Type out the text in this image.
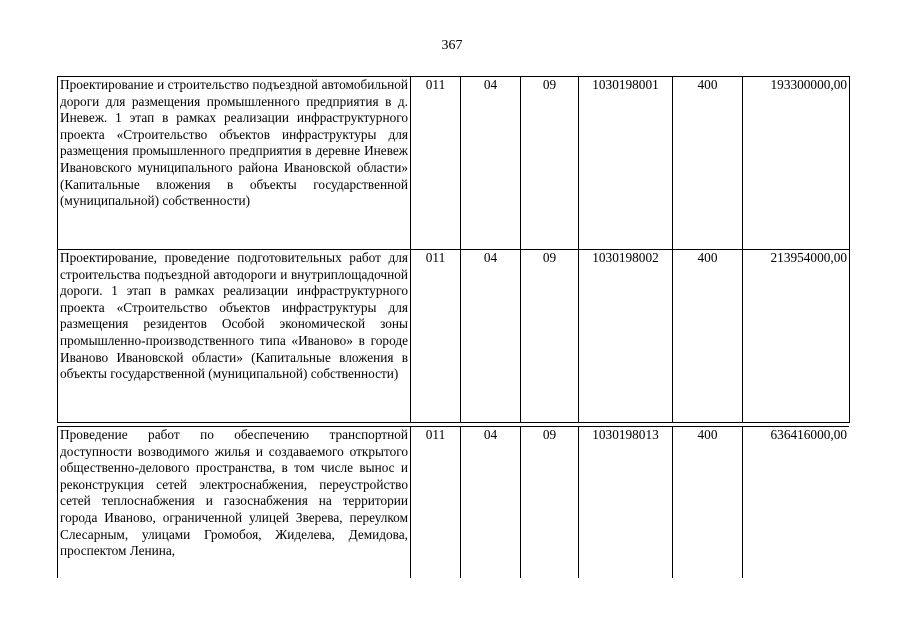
367
Проектирование и строительство подъездной автомобильной дороги для размещения промышленного предприятия в д. Иневеж. 1 этап в рамках реализации инфраструктурного проекта «Строительство объектов инфраструктуры для размещения промышленного предприятия в деревне Иневеж Ивановского муниципального района Ивановской области» (Капитальные вложения в объекты государственной (муниципальной) собственности)	011	04	09	1030198001	400	193300000,00
Проектирование, проведение подготовительных работ для строительства подъездной автодороги и внутриплощадочной дороги. 1 этап в рамках реализации инфраструктурного проекта «Строительство объектов инфраструктуры для размещения резидентов Особой экономической зоны промышленно-производственного типа «Иваново» в городе Иваново Ивановской области» (Капитальные вложения в объекты государственной (муниципальной) собственности)	011	04	09	1030198002	400	213954000,00
Проведение работ по обеспечению транспортной доступности возводимого жилья и создаваемого открытого общественно-делового пространства, в том числе вынос и реконструкция сетей электроснабжения, переустройство сетей теплоснабжения и газоснабжения на территории города Иваново, ограниченной улицей Зверева, переулком Слесарным, улицами Громобоя, Жиделева, Демидова, проспектом Ленина,	011	04	09	1030198013	400	636416000,00
